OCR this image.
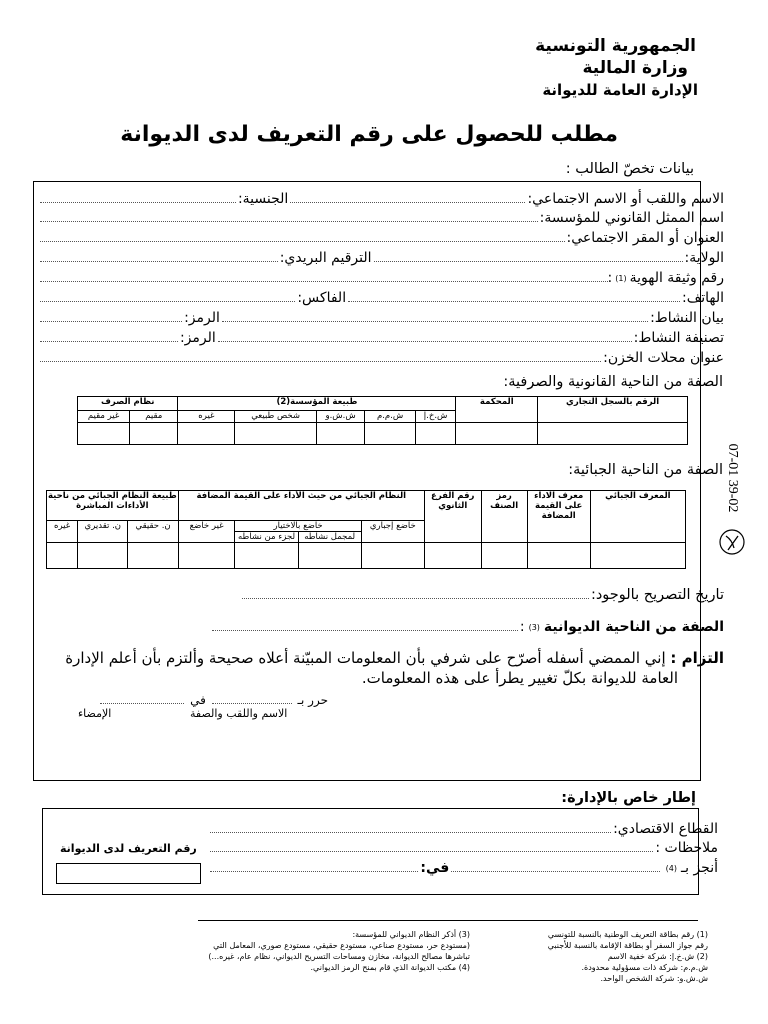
الجمهورية التونسية
وزارة المالية
الإدارة العامة للديوانة
مطلب للحصول على رقم التعريف لدى الديوانة
بيانات تخصّ الطالب :
الاسم واللقب أو الاسم الاجتماعي:
الجنسية:
اسم الممثل القانوني للمؤسسة:
العنوان أو المقر الاجتماعي:
الولاية:
الترقيم البريدي:
رقم وثيقة الهوية
(1)
:
الهاتف:
الفاكس:
بيان النشاط:
الرمز:
تصنيفة النشاط:
الرمز:
عنوان محلات الخزن:
الصفة من الناحية القانونية والصرفية:
الرقم بالسجل التجاري	المحكمة	طبيعة المؤسسة(2)					نظام الصرف	
		ش.خ.إ	ش.م.م	ش.ش.و	شخص طبيعي	غيره	مقيم	غير مقيم

الصفة من الناحية الجبائية:
المعرف الجبائي	معرف الاداء على القيمة المضافة	رمز الصنف	رقم الفرع الثانوي	النظام الجبائي من حيث الأداء على القيمة المضافة				طبيعة النظام الجبائي من ناحية الأداءات المباشرة		
				خاضع إجباري	خاضع بالاختيار		غير خاضع	ن. حقيقي	ن. تقديري	غيره
					لمجمل نشاطه	لجزء من نشاطه				

تاريخ التصريح بالوجود:
الصفة من الناحية الديوانية
(3)
:
التزام : إني الممضي أسفله أصرّح على شرفي بأن المعلومات المبيّنة أعلاه صحيحة وألتزم بأن أعلم الإدارة
العامة للديوانة بكلّ تغيير يطرأ على هذه المعلومات.
حرر بـ  في
الاسم واللقب والصفة
الإمضاء
إطار خاص بالإدارة:
القطاع الاقتصادي:
ملاحظات :
أنجز بـ
(4)
في:
رقم التعريف لدى الديوانة
(1) رقم بطاقة التعريف الوطنية بالنسبة للتونسي
رقم جواز السفر أو بطاقة الإقامة بالنسبة للأجنبي
(2) ش.خ.إ: شركة خفية الاسم
ش.م.م: شركة ذات مسؤولية محدودة.
ش.ش.و: شركة الشخص الواحد.
(3) أذكر النظام الديواني للمؤسسة:
(مستودع حر، مستودع صناعي، مستودع حقيقي، مستودع صوري، المعامل التي
تباشرها مصالح الديوانة، مخازن ومساحات التسريح الديواني، نظام عام، غيره...)
(4) مكتب الديوانة الذي قام بمنح الرمز الديواني.
07-01 39-02
